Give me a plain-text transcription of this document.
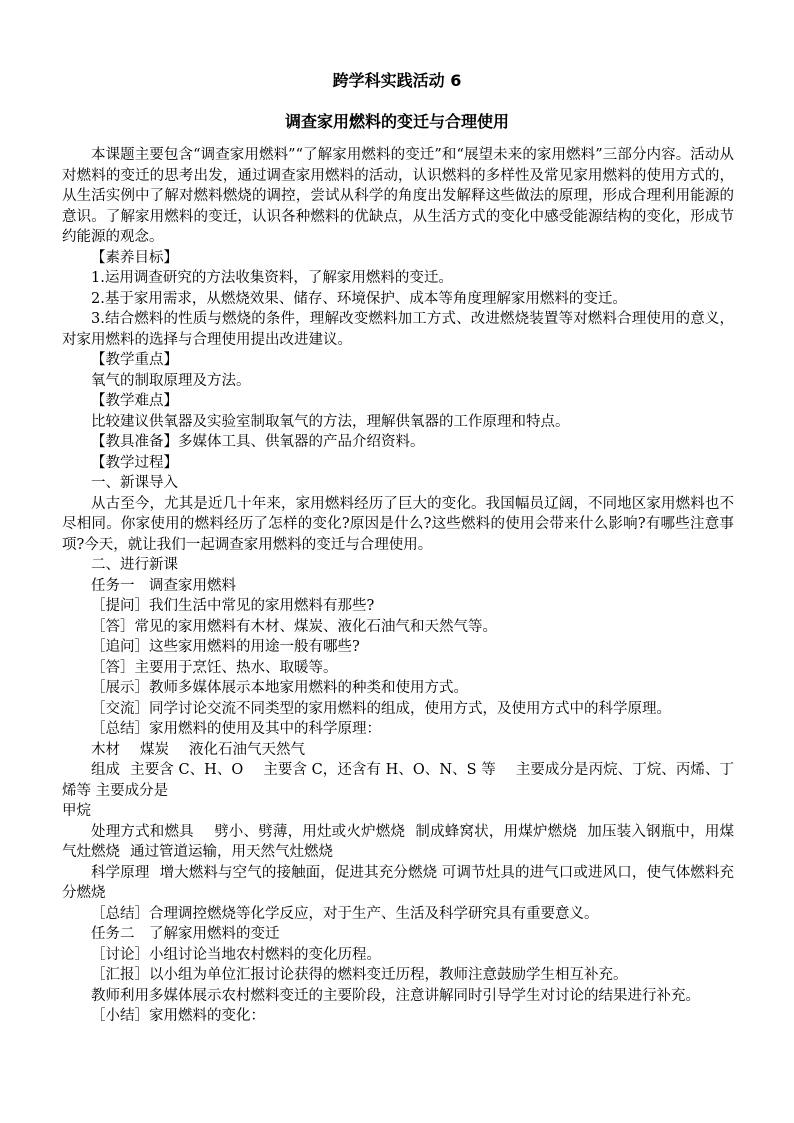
跨学科实践活动 6
调查家用燃料的变迁与合理使用

本课题主要包含“调查家用燃料”“了解家用燃料的变迁”和“展望未来的家用燃料”三部分内容。活动从对燃料的变迁的思考出发，通过调查家用燃料的活动，认识燃料的多样性及常见家用燃料的使用方式的，从生活实例中了解对燃料燃烧的调控，尝试从科学的角度出发解释这些做法的原理，形成合理利用能源的意识。了解家用燃料的变迁，认识各种燃料的优缺点，从生活方式的变化中感受能源结构的变化，形成节约能源的观念。

【素养目标】

1.运用调查研究的方法收集资料，了解家用燃料的变迁。

2.基于家用需求，从燃烧效果、储存、环境保护、成本等角度理解家用燃料的变迁。

3.结合燃料的性质与燃烧的条件，理解改变燃料加工方式、改进燃烧装置等对燃料合理使用的意义，对家用燃料的选择与合理使用提出改进建议。

【教学重点】

氧气的制取原理及方法。

【教学难点】

比较建议供氧器及实验室制取氧气的方法，理解供氧器的工作原理和特点。

【教具准备】多媒体工具、供氧器的产品介绍资料。

【教学过程】

一、新课导入

从古至今，尤其是近几十年来，家用燃料经历了巨大的变化。我国幅员辽阔，不同地区家用燃料也不尽相同。你家使用的燃料经历了怎样的变化?原因是什么?这些燃料的使用会带来什么影响?有哪些注意事项?今天，就让我们一起调查家用燃料的变迁与合理使用。

二、进行新课

任务一　调查家用燃料

［提问］我们生活中常见的家用燃料有那些?

［答］常见的家用燃料有木材、煤炭、液化石油气和天然气等。

［追问］这些家用燃料的用途一般有哪些?

［答］主要用于烹饪、热水、取暖等。

［展示］教师多媒体展示本地家用燃料的种类和使用方式。

［交流］同学讨论交流不同类型的家用燃料的组成，使用方式，及使用方式中的科学原理。

［总结］家用燃料的使用及其中的科学原理：

木材 煤炭 液化石油气天然气

组成 主要含 C、H、O 主要含 C，还含有 H、O、N、S 等 主要成分是丙烷、丁烷、丙烯、丁烯等 主要成分是

甲烷

处理方式和燃具 劈小、劈薄，用灶或火炉燃烧 制成蜂窝状，用煤炉燃烧 加压装入钢瓶中，用煤气灶燃烧 通过管道运输，用天然气灶燃烧

科学原理 增大燃料与空气的接触面，促进其充分燃烧 可调节灶具的进气口或进风口，使气体燃料充分燃烧

［总结］合理调控燃烧等化学反应，对于生产、生活及科学研究具有重要意义。

任务二　了解家用燃料的变迁

［讨论］小组讨论当地农村燃料的变化历程。

［汇报］以小组为单位汇报讨论获得的燃料变迁历程，教师注意鼓励学生相互补充。

教师利用多媒体展示农村燃料变迁的主要阶段，注意讲解同时引导学生对讨论的结果进行补充。

［小结］家用燃料的变化：
